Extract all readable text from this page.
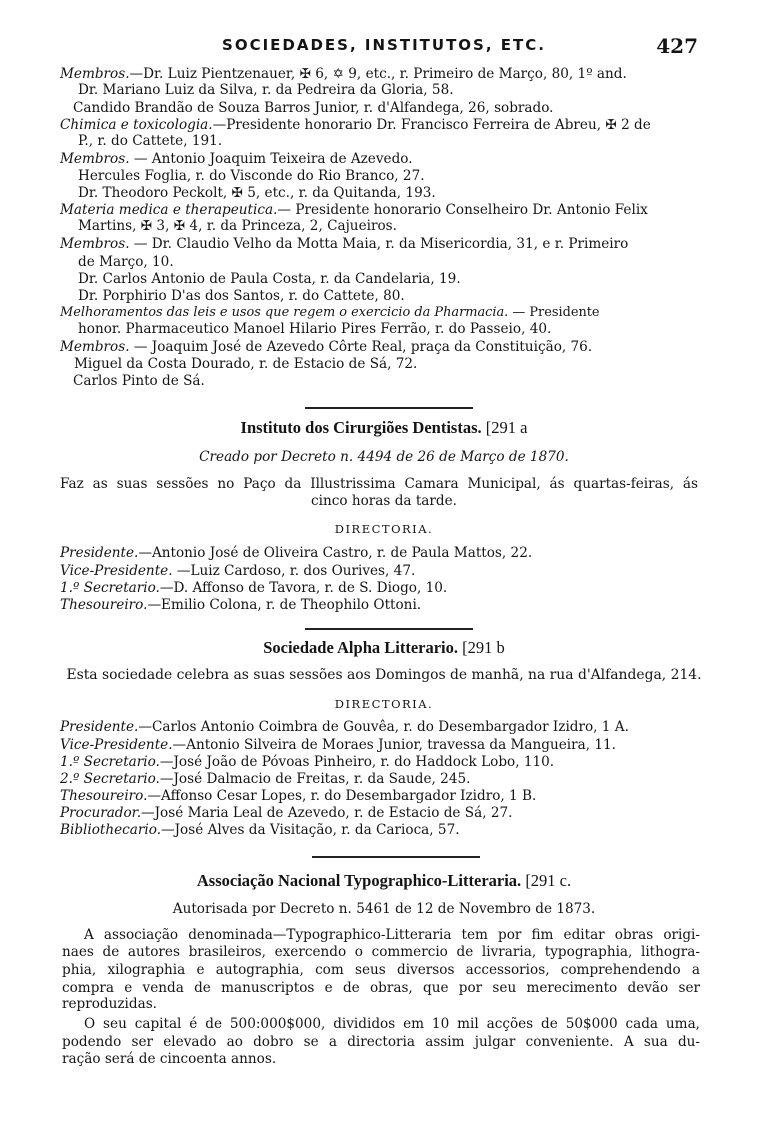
SOCIEDADES, INSTITUTOS, ETC.	427
Membros.—Dr. Luiz Pientzenauer, ✠ 6, ✡ 9, etc., r. Primeiro de Março, 80, 1º and.
Dr. Mariano Luiz da Silva, r. da Pedreira da Gloria, 58.
Candido Brandão de Souza Barros Junior, r. d'Alfandega, 26, sobrado.
Chimica e toxicologia.—Presidente honorario Dr. Francisco Ferreira de Abreu, ✠ 2 de
P., r. do Cattete, 191.
Membros. — Antonio Joaquim Teixeira de Azevedo.
Hercules Foglia, r. do Visconde do Rio Branco, 27.
Dr. Theodoro Peckolt, ✠ 5, etc., r. da Quitanda, 193.
Materia medica e therapeutica.— Presidente honorario Conselheiro Dr. Antonio Felix
Martins, ✠ 3, ✠ 4, r. da Princeza, 2, Cajueiros.
Membros. — Dr. Claudio Velho da Motta Maia, r. da Misericordia, 31, e r. Primeiro
de Março, 10.
Dr. Carlos Antonio de Paula Costa, r. da Candelaria, 19.
Dr. Porphirio D'as dos Santos, r. do Cattete, 80.
Melhoramentos das leis e usos que regem o exercicio da Pharmacia. — Presidente
honor. Pharmaceutico Manoel Hilario Pires Ferrão, r. do Passeio, 40.
Membros. — Joaquim José de Azevedo Côrte Real, praça da Constituição, 76.
Miguel da Costa Dourado, r. de Estacio de Sá, 72.
Carlos Pinto de Sá.
Instituto dos Cirurgiões Dentistas. [291 a
Creado por Decreto n. 4494 de 26 de Março de 1870.
Faz as suas sessões no Paço da Illustrissima Camara Municipal, ás quartas-feiras, ás
cinco horas da tarde.
DIRECTORIA.
Presidente.—Antonio José de Oliveira Castro, r. de Paula Mattos, 22.
Vice-Presidente. —Luiz Cardoso, r. dos Ourives, 47.
1.º Secretario.—D. Affonso de Tavora, r. de S. Diogo, 10.
Thesoureiro.—Emilio Colona, r. de Theophilo Ottoni.
Sociedade Alpha Litterario. [291 b
Esta sociedade celebra as suas sessões aos Domingos de manhã, na rua d'Alfandega, 214.
DIRECTORIA.
Presidente.—Carlos Antonio Coimbra de Gouvêa, r. do Desembargador Izidro, 1 A.
Vice-Presidente.—Antonio Silveira de Moraes Junior, travessa da Mangueira, 11.
1.º Secretario.—José João de Póvoas Pinheiro, r. do Haddock Lobo, 110.
2.º Secretario.—José Dalmacio de Freitas, r. da Saude, 245.
Thesoureiro.—Affonso Cesar Lopes, r. do Desembargador Izidro, 1 B.
Procurador.—José Maria Leal de Azevedo, r. de Estacio de Sá, 27.
Bibliothecario.—José Alves da Visitação, r. da Carioca, 57.
Associação Nacional Typographico-Litteraria. [291 c.
Autorisada por Decreto n. 5461 de 12 de Novembro de 1873.
A associação denominada—Typographico-Litteraria tem por fim editar obras origi-
naes de autores brasileiros, exercendo o commercio de livraria, typographia, lithogra-
phia, xilographia e autographia, com seus diversos accessorios, comprehendendo a
compra e venda de manuscriptos e de obras, que por seu merecimento devão ser
reproduzidas.
O seu capital é de 500:000$000, divididos em 10 mil acções de 50$000 cada uma,
podendo ser elevado ao dobro se a directoria assim julgar conveniente. A sua du-
ração será de cincoenta annos.
